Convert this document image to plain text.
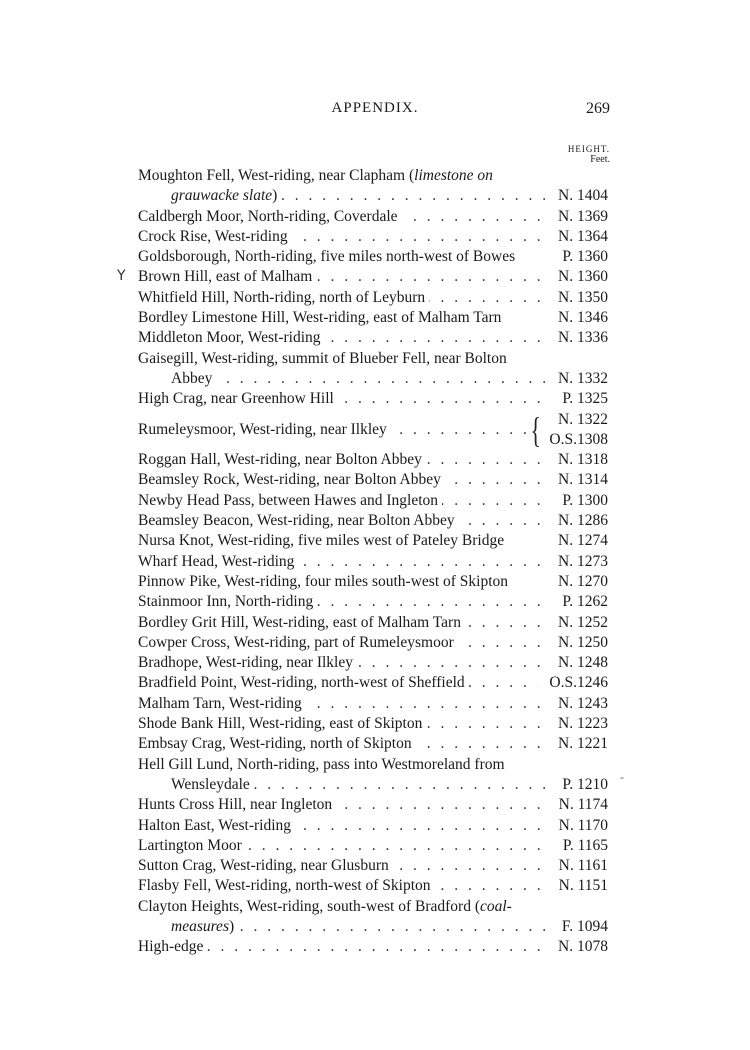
APPENDIX.	269
HEIGHT.
Feet.
Y
-
Moughton Fell, West-riding, near Clapham (limestone on
. . .
grauwacke slate)	N. 1404
. . .
Caldbergh Moor, North-riding, Coverdale	N. 1369
. . .
Crock Rise, West-riding	N. 1364
Goldsborough, North-riding, five miles north-west of Bowes	P. 1360
. . .
Brown Hill, east of Malham	N. 1360
. . .
Whitfield Hill, North-riding, north of Leyburn	N. 1350
Bordley Limestone Hill, West-riding, east of Malham Tarn	N. 1346
. . .
Middleton Moor, West-riding	N. 1336
Gaisegill, West-riding, summit of Blueber Fell, near Bolton
. . .
Abbey	N. 1332
. . .
High Crag, near Greenhow Hill	P. 1325
. . .
Rumeleysmoor, West-riding, near Ilkley	{	N. 1322
O.S.1308
. . .
Roggan Hall, West-riding, near Bolton Abbey	N. 1318
. . .
Beamsley Rock, West-riding, near Bolton Abbey	N. 1314
. . .
Newby Head Pass, between Hawes and Ingleton	P. 1300
. . .
Beamsley Beacon, West-riding, near Bolton Abbey	N. 1286
Nursa Knot, West-riding, five miles west of Pateley Bridge	N. 1274
. . .
Wharf Head, West-riding	N. 1273
Pinnow Pike, West-riding, four miles south-west of Skipton	N. 1270
. . .
Stainmoor Inn, North-riding	P. 1262
. . .
Bordley Grit Hill, West-riding, east of Malham Tarn	N. 1252
. . .
Cowper Cross, West-riding, part of Rumeleysmoor	N. 1250
. . .
Bradhope, West-riding, near Ilkley	N. 1248
. . .
Bradfield Point, West-riding, north-west of Sheffield	O.S.1246
. . .
Malham Tarn, West-riding	N. 1243
. . .
Shode Bank Hill, West-riding, east of Skipton	N. 1223
. . .
Embsay Crag, West-riding, north of Skipton	N. 1221
Hell Gill Lund, North-riding, pass into Westmoreland from
. . .
Wensleydale	P. 1210
. . .
Hunts Cross Hill, near Ingleton	N. 1174
. . .
Halton East, West-riding	N. 1170
. . .
Lartington Moor	P. 1165
. . .
Sutton Crag, West-riding, near Glusburn	N. 1161
. . .
Flasby Fell, West-riding, north-west of Skipton	N. 1151
Clayton Heights, West-riding, south-west of Bradford (coal-
. . .
measures)	F. 1094
. . .
High-edge	N. 1078
